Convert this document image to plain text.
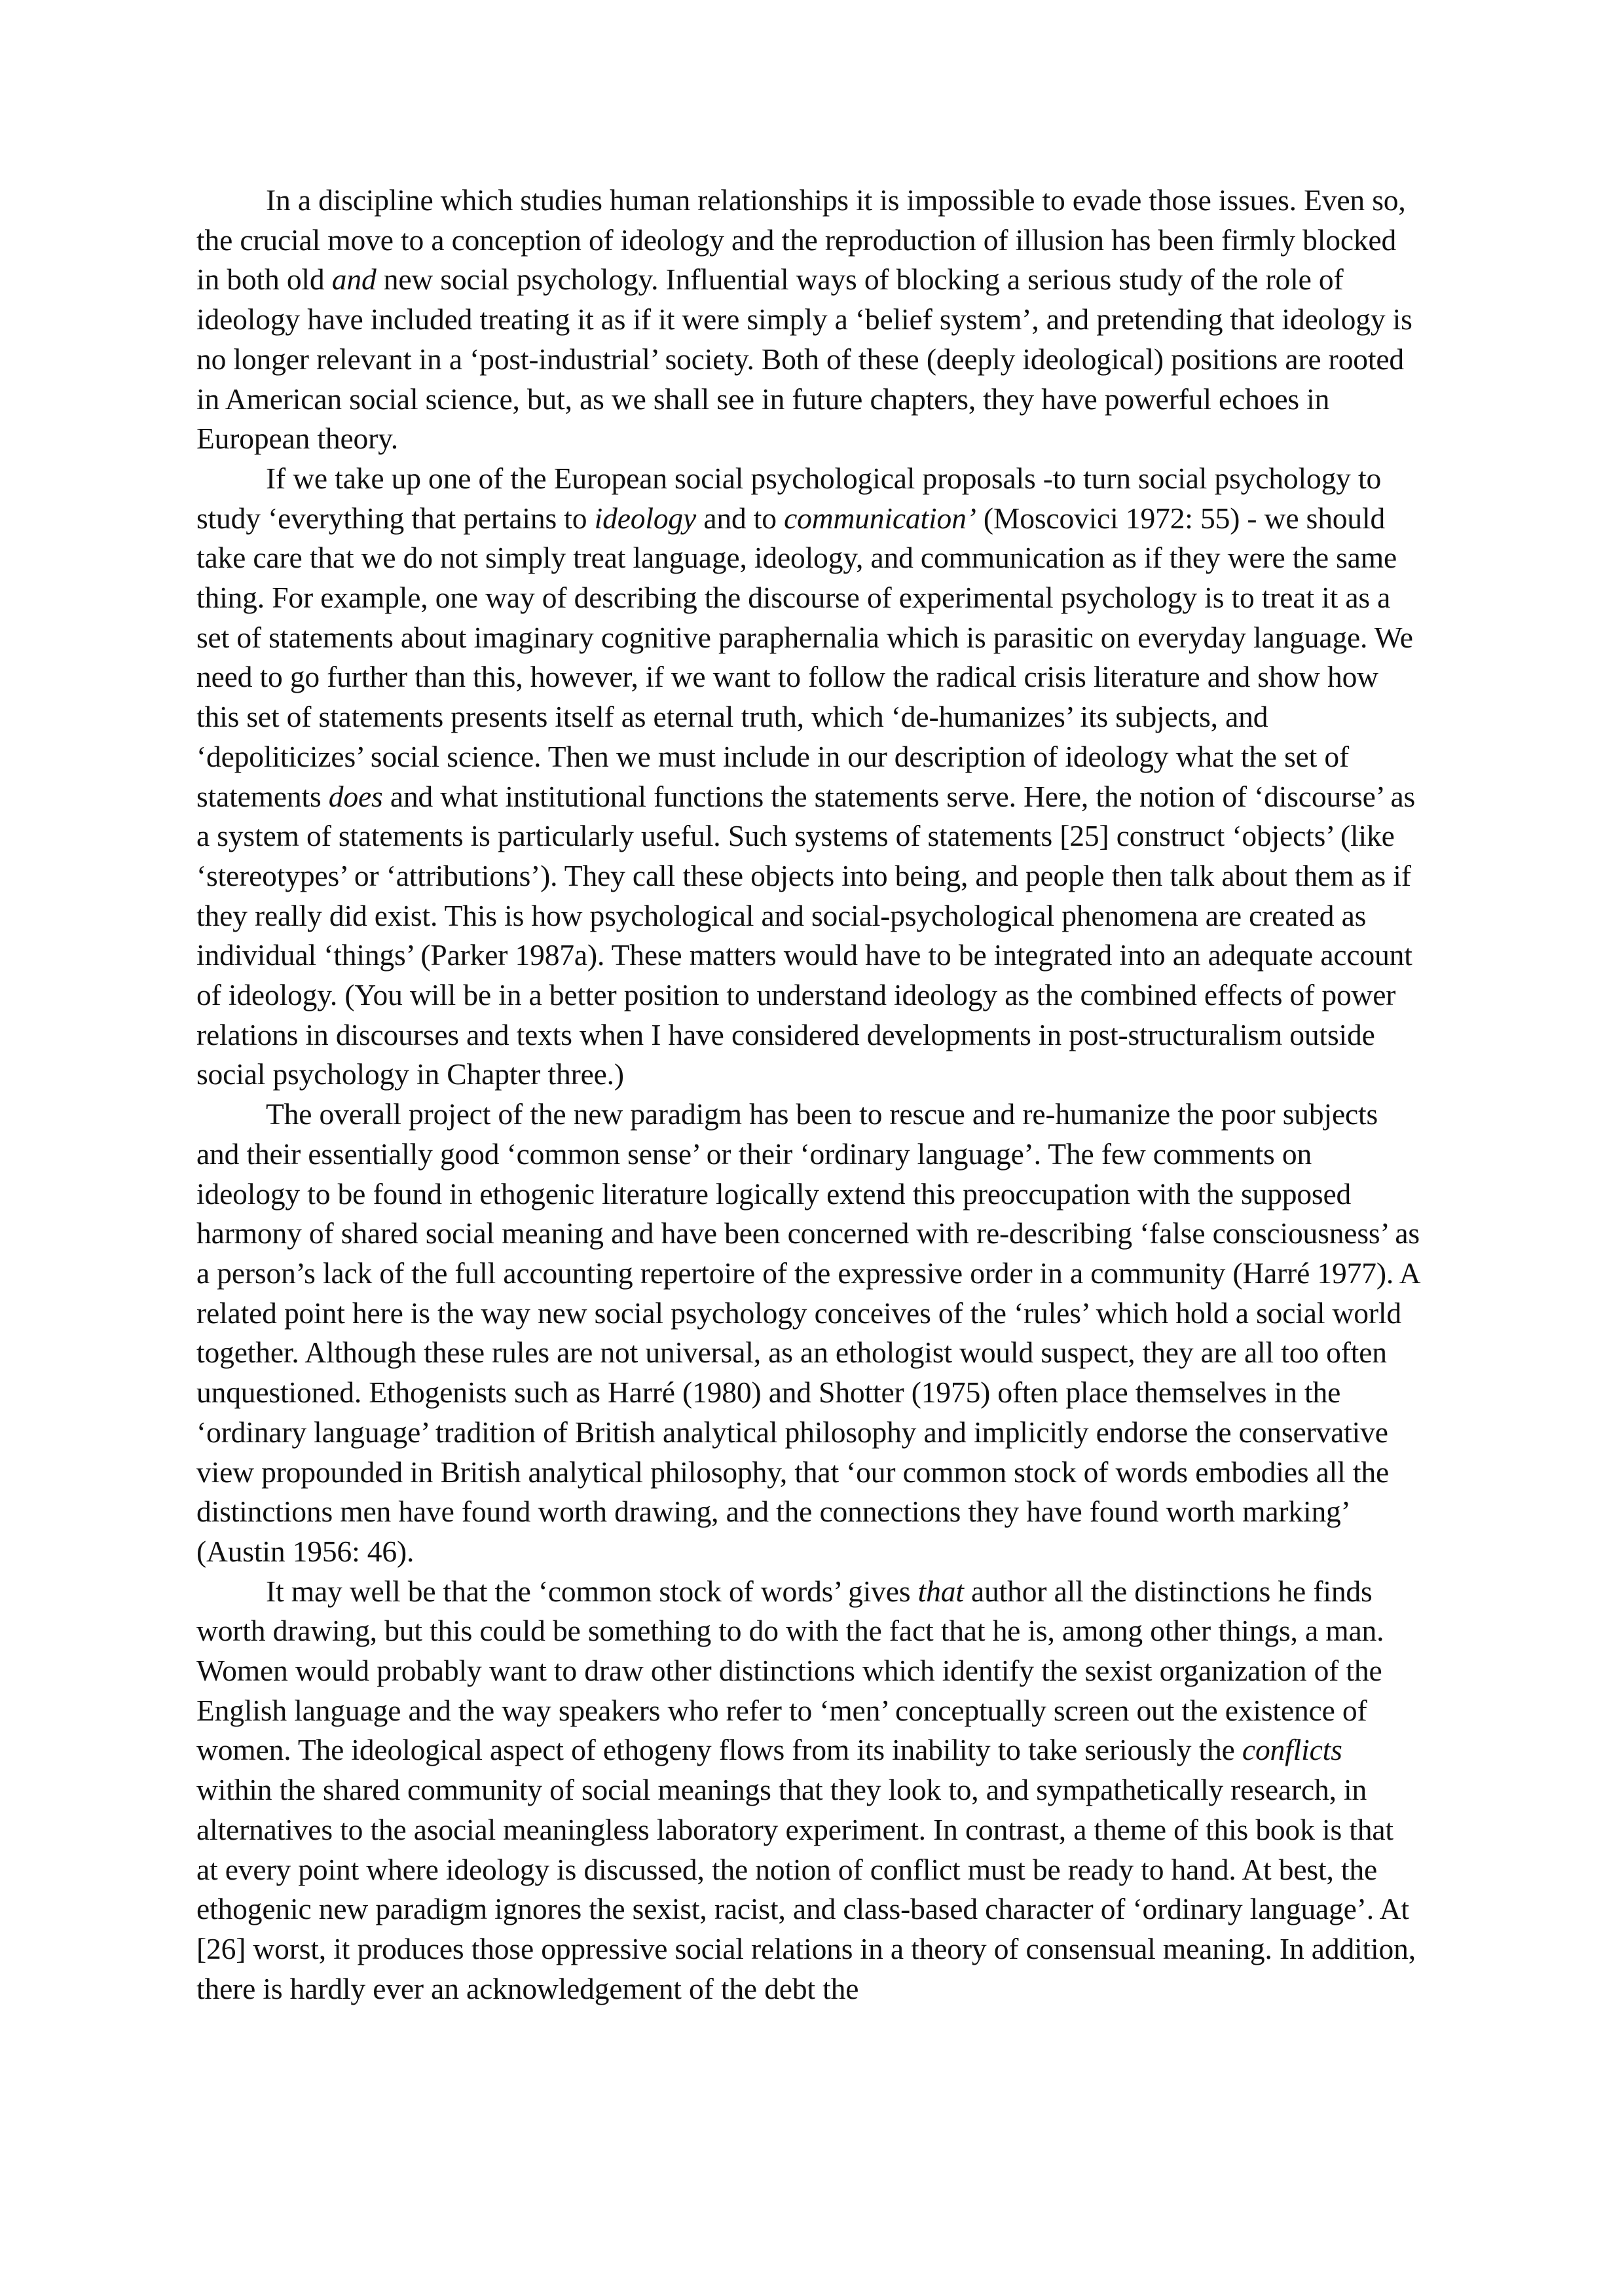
In a discipline which studies human relationships it is impossible to evade those issues. Even so, the crucial move to a conception of ideology and the reproduction of illusion has been firmly blocked in both old and new social psychology. Influential ways of blocking a serious study of the role of ideology have included treating it as if it were simply a ‘belief system’, and pretending that ideology is no longer relevant in a ‘post-industrial’ society. Both of these (deeply ideological) positions are rooted in American social science, but, as we shall see in future chapters, they have powerful echoes in European theory.

If we take up one of the European social psychological proposals -to turn social psychology to study ‘everything that pertains to ideology and to communication’ (Moscovici 1972: 55) - we should take care that we do not simply treat language, ideology, and communication as if they were the same thing. For example, one way of describing the discourse of experimental psychology is to treat it as a set of statements about imaginary cognitive paraphernalia which is parasitic on everyday language. We need to go further than this, however, if we want to follow the radical crisis literature and show how this set of statements presents itself as eternal truth, which ‘de-humanizes’ its subjects, and ‘depoliticizes’ social science. Then we must include in our description of ideology what the set of statements does and what institutional functions the statements serve. Here, the notion of ‘discourse’ as a system of statements is particularly useful. Such systems of statements [25] construct ‘objects’ (like ‘stereotypes’ or ‘attributions’). They call these objects into being, and people then talk about them as if they really did exist. This is how psychological and social-psychological phenomena are created as individual ‘things’ (Parker 1987a). These matters would have to be integrated into an adequate account of ideology. (You will be in a better position to understand ideology as the combined effects of power relations in discourses and texts when I have considered developments in post-structuralism outside social psychology in Chapter three.)

The overall project of the new paradigm has been to rescue and re-humanize the poor subjects and their essentially good ‘common sense’ or their ‘ordinary language’. The few comments on ideology to be found in ethogenic literature logically extend this preoccupation with the supposed harmony of shared social meaning and have been concerned with re-describing ‘false consciousness’ as a person’s lack of the full accounting repertoire of the expressive order in a community (Harré 1977). A related point here is the way new social psychology conceives of the ‘rules’ which hold a social world together. Although these rules are not universal, as an ethologist would suspect, they are all too often unquestioned. Ethogenists such as Harré (1980) and Shotter (1975) often place themselves in the ‘ordinary language’ tradition of British analytical philosophy and implicitly endorse the conservative view propounded in British analytical philosophy, that ‘our common stock of words embodies all the distinctions men have found worth drawing, and the connections they have found worth marking’ (Austin 1956: 46).

It may well be that the ‘common stock of words’ gives that author all the distinctions he finds worth drawing, but this could be something to do with the fact that he is, among other things, a man. Women would probably want to draw other distinctions which identify the sexist organization of the English language and the way speakers who refer to ‘men’ conceptually screen out the existence of women. The ideological aspect of ethogeny flows from its inability to take seriously the conflicts within the shared community of social meanings that they look to, and sympathetically research, in alternatives to the asocial meaningless laboratory experiment. In contrast, a theme of this book is that at every point where ideology is discussed, the notion of conflict must be ready to hand. At best, the ethogenic new paradigm ignores the sexist, racist, and class-based character of ‘ordinary language’. At [26] worst, it produces those oppressive social relations in a theory of consensual meaning. In addition, there is hardly ever an acknowledgement of the debt the
